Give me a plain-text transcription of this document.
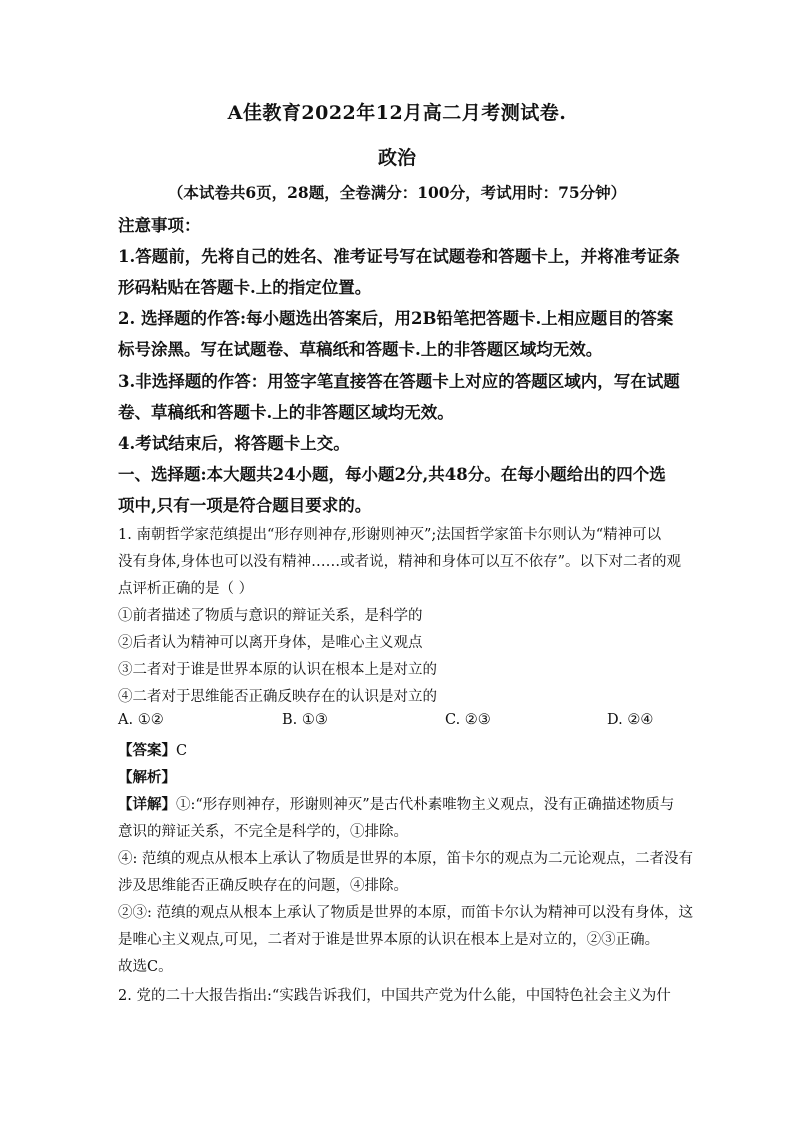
A佳教育2022年12月高二月考测试卷.
政治
（本试卷共6页，28题，全卷满分：100分，考试用时：75分钟）
注意事项：
1.答题前，先将自己的姓名、准考证号写在试题卷和答题卡上，并将准考证条
形码粘贴在答题卡.上的指定位置。
2. 选择题的作答:每小题选出答案后，用2B铅笔把答题卡.上相应题目的答案
标号涂黑。写在试题卷、草稿纸和答题卡.上的非答题区域均无效。
3.非选择题的作答：用签字笔直接答在答题卡上对应的答题区域内，写在试题
卷、草稿纸和答题卡.上的非答题区域均无效。
4.考试结束后，将答题卡上交。
一、选择题:本大题共24小题，每小题2分,共48分。在每小题给出的四个选
项中,只有一项是符合题目要求的。
1. 南朝哲学家范缜提出“形存则神存,形谢则神灭”;法国哲学家笛卡尔则认为“精神可以
没有身体,身体也可以没有精神……或者说，精神和身体可以互不依存”。以下对二者的观
点评析正确的是（ ）
①前者描述了物质与意识的辩证关系，是科学的
②后者认为精神可以离开身体，是唯心主义观点
③二者对于谁是世界本原的认识在根本上是对立的
④二者对于思维能否正确反映存在的认识是对立的
A. ①②	B. ①③	C. ②③	D. ②④
【答案】C
【解析】
【详解】①:“形存则神存，形谢则神灭”是古代朴素唯物主义观点，没有正确描述物质与
意识的辩证关系，不完全是科学的，①排除。
④: 范缜的观点从根本上承认了物质是世界的本原，笛卡尔的观点为二元论观点，二者没有
涉及思维能否正确反映存在的问题，④排除。
②③: 范缜的观点从根本上承认了物质是世界的本原，而笛卡尔认为精神可以没有身体，这
是唯心主义观点,可见，二者对于谁是世界本原的认识在根本上是对立的，②③正确。
故选C。
2. 党的二十大报告指出:“实践告诉我们，中国共产党为什么能，中国特色社会主义为什
